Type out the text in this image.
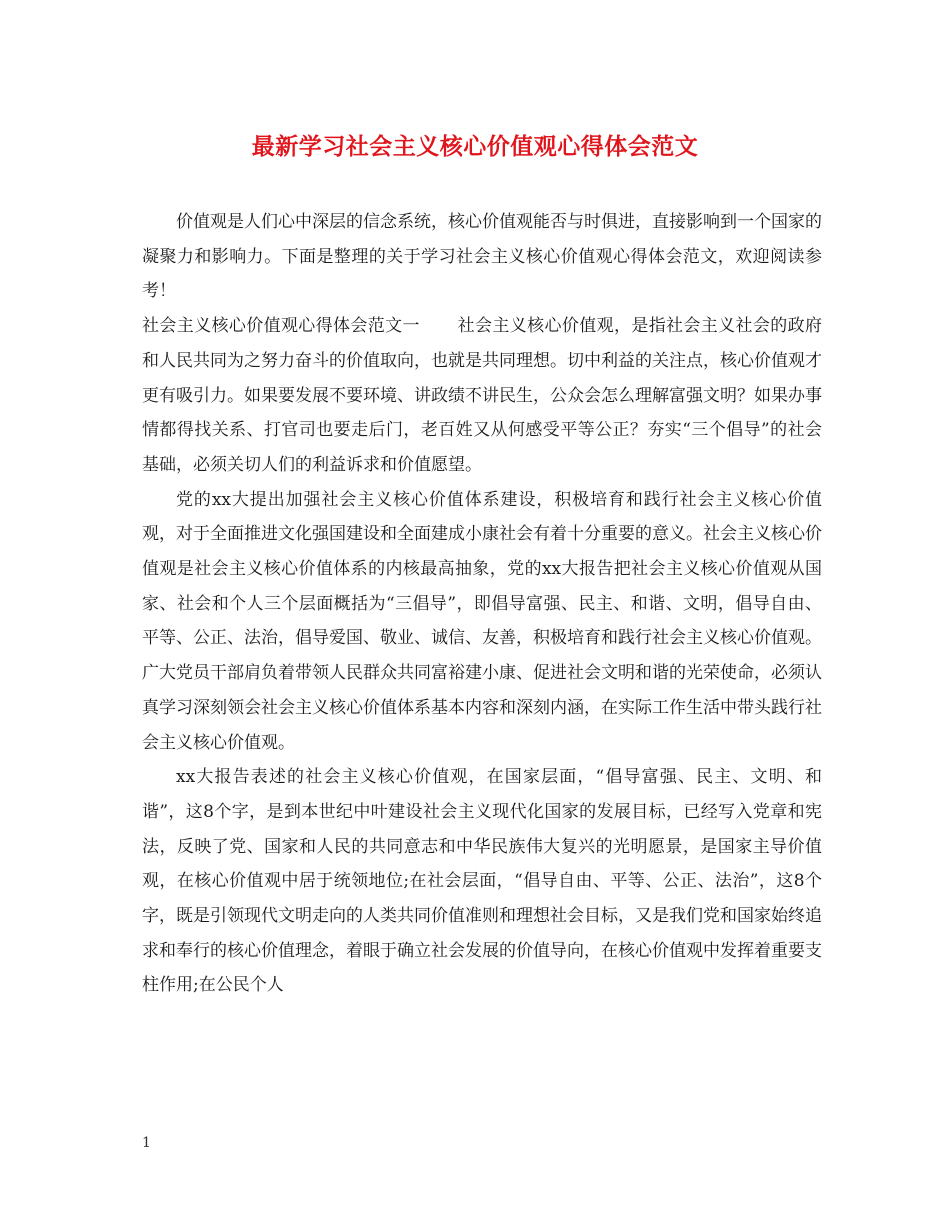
最新学习社会主义核心价值观心得体会范文

价值观是人们心中深层的信念系统，核心价值观能否与时俱进，直接影响到一个国家的凝聚力和影响力。下面是整理的关于学习社会主义核心价值观心得体会范文，欢迎阅读参考！

社会主义核心价值观心得体会范文一 社会主义核心价值观，是指社会主义社会的政府和人民共同为之努力奋斗的价值取向，也就是共同理想。切中利益的关注点，核心价值观才更有吸引力。如果要发展不要环境、讲政绩不讲民生，公众会怎么理解富强文明？如果办事情都得找关系、打官司也要走后门，老百姓又从何感受平等公正？夯实“三个倡导”的社会基础，必须关切人们的利益诉求和价值愿望。

党的xx大提出加强社会主义核心价值体系建设，积极培育和践行社会主义核心价值观，对于全面推进文化强国建设和全面建成小康社会有着十分重要的意义。社会主义核心价值观是社会主义核心价值体系的内核最高抽象，党的xx大报告把社会主义核心价值观从国家、社会和个人三个层面概括为“三倡导”，即倡导富强、民主、和谐、文明，倡导自由、平等、公正、法治，倡导爱国、敬业、诚信、友善，积极培育和践行社会主义核心价值观。广大党员干部肩负着带领人民群众共同富裕建小康、促进社会文明和谐的光荣使命，必须认真学习深刻领会社会主义核心价值体系基本内容和深刻内涵，在实际工作生活中带头践行社会主义核心价值观。

xx大报告表述的社会主义核心价值观，在国家层面，“倡导富强、民主、文明、和谐”，这8个字，是到本世纪中叶建设社会主义现代化国家的发展目标，已经写入党章和宪法，反映了党、国家和人民的共同意志和中华民族伟大复兴的光明愿景，是国家主导价值观，在核心价值观中居于统领地位;在社会层面，“倡导自由、平等、公正、法治”，这8个字，既是引领现代文明走向的人类共同价值准则和理想社会目标，又是我们党和国家始终追求和奉行的核心价值理念，着眼于确立社会发展的价值导向，在核心价值观中发挥着重要支柱作用;在公民个人

1
